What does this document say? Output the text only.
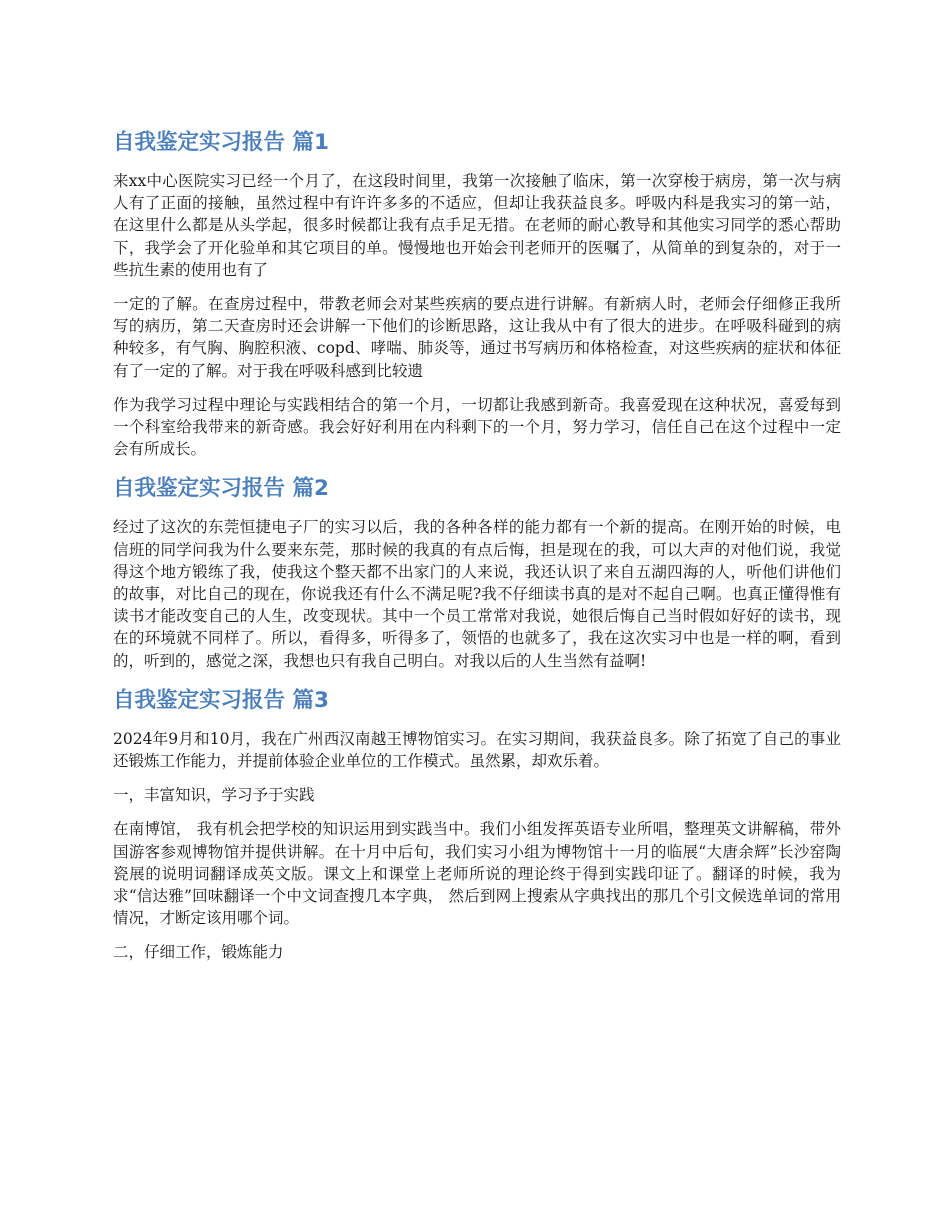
自我鉴定实习报告 篇1

来xx中心医院实习已经一个月了，在这段时间里，我第一次接触了临床，第一次穿梭于病房，第一次与病人有了正面的接触，虽然过程中有许许多多的不适应，但却让我获益良多。呼吸内科是我实习的第一站，在这里什么都是从头学起，很多时候都让我有点手足无措。在老师的耐心教导和其他实习同学的悉心帮助下，我学会了开化验单和其它项目的单。慢慢地也开始会刊老师开的医嘱了，从简单的到复杂的，对于一些抗生素的使用也有了

一定的了解。在查房过程中，带教老师会对某些疾病的要点进行讲解。有新病人时，老师会仔细修正我所写的病历，第二天查房时还会讲解一下他们的诊断思路，这让我从中有了很大的进步。在呼吸科碰到的病种较多，有气胸、胸腔积液、copd、哮喘、肺炎等，通过书写病历和体格检查，对这些疾病的症状和体征有了一定的了解。对于我在呼吸科感到比较遗

作为我学习过程中理论与实践相结合的第一个月，一切都让我感到新奇。我喜爱现在这种状况，喜爱每到一个科室给我带来的新奇感。我会好好利用在内科剩下的一个月，努力学习，信任自己在这个过程中一定会有所成长。

自我鉴定实习报告 篇2

经过了这次的东莞恒捷电子厂的实习以后，我的各种各样的能力都有一个新的提高。在刚开始的时候，电信班的同学问我为什么要来东莞，那时候的我真的有点后悔，担是现在的我，可以大声的对他们说，我觉得这个地方锻练了我，使我这个整天都不出家门的人来说，我还认识了来自五湖四海的人，听他们讲他们的故事，对比自己的现在，你说我还有什么不满足呢?我不仔细读书真的是对不起自己啊。也真正懂得惟有读书才能改变自己的人生，改变现状。其中一个员工常常对我说，她很后悔自己当时假如好好的读书，现在的环境就不同样了。所以，看得多，听得多了，领悟的也就多了，我在这次实习中也是一样的啊，看到的，听到的，感觉之深，我想也只有我自己明白。对我以后的人生当然有益啊!

自我鉴定实习报告 篇3

2024年9月和10月，我在广州西汉南越王博物馆实习。在实习期间，我获益良多。除了拓宽了自己的事业还锻炼工作能力，并提前体验企业单位的工作模式。虽然累，却欢乐着。

一，丰富知识，学习予于实践

在南博馆， 我有机会把学校的知识运用到实践当中。我们小组发挥英语专业所唱，整理英文讲解稿，带外国游客参观博物馆并提供讲解。在十月中后旬，我们实习小组为博物馆十一月的临展“大唐余辉”长沙窑陶瓷展的说明词翻译成英文版。课文上和课堂上老师所说的理论终于得到实践印证了。翻译的时候，我为求“信达雅”回味翻译一个中文词查搜几本字典， 然后到网上搜索从字典找出的那几个引文候选单词的常用情况，才断定该用哪个词。

二，仔细工作，锻炼能力
